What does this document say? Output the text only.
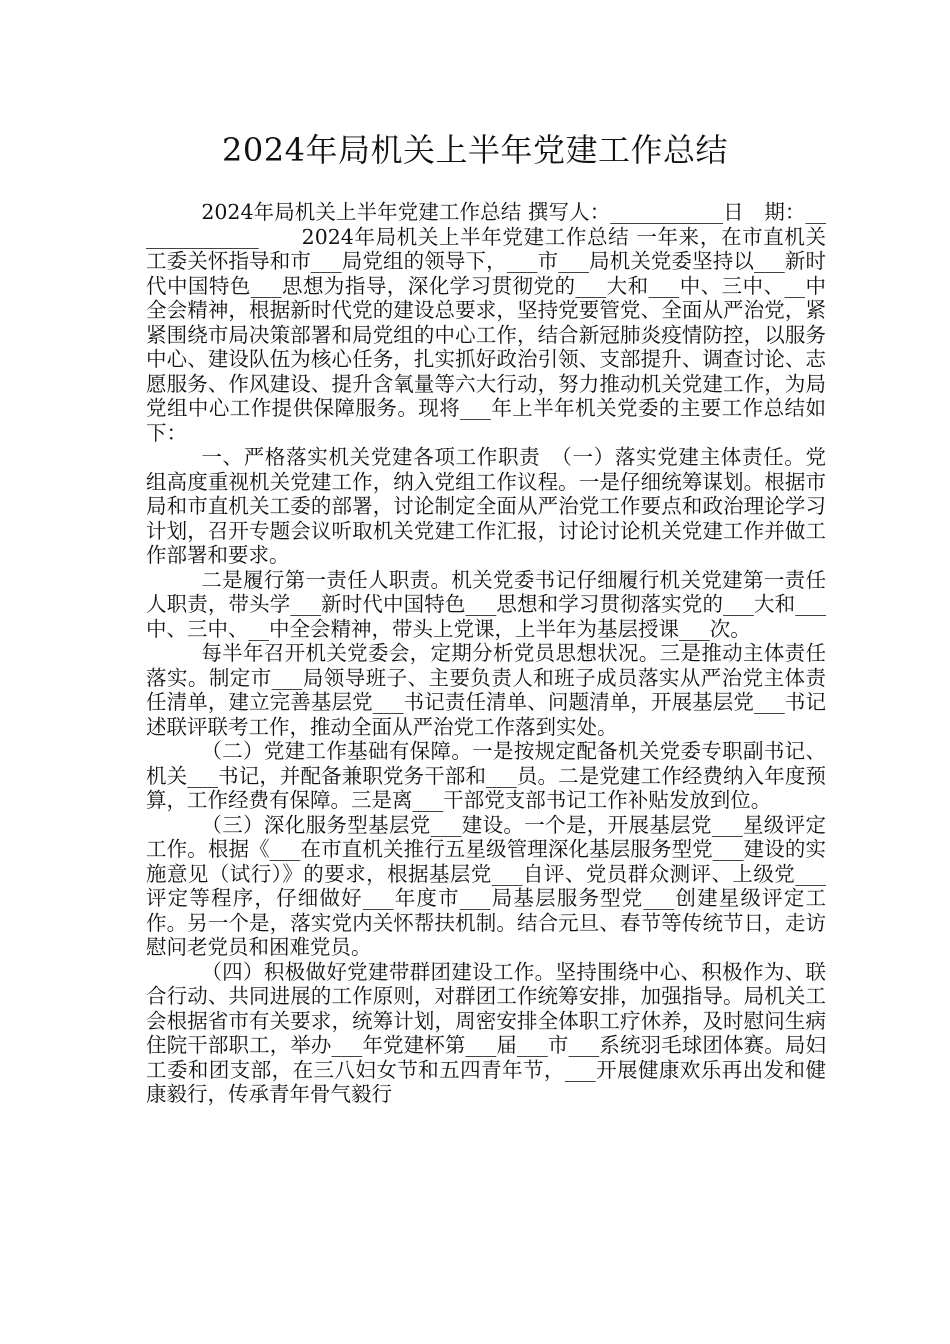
2024年局机关上半年党建工作总结

2024年局机关上半年党建工作总结 撰写人：___________日　期：_____________　　2024年局机关上半年党建工作总结 一年来，在市直机关工委关怀指导和市___局党组的领导下，___市___局机关党委坚持以___新时代中国特色___思想为指导，深化学习贯彻党的___大和___中、三中、__中全会精神，根据新时代党的建设总要求，坚持党要管党、全面从严治党，紧紧围绕市局决策部署和局党组的中心工作，结合新冠肺炎疫情防控，以服务中心、建设队伍为核心任务，扎实抓好政治引领、支部提升、调查讨论、志愿服务、作风建设、提升含氧量等六大行动，努力推动机关党建工作，为局党组中心工作提供保障服务。现将___年上半年机关党委的主要工作总结如下：

一、严格落实机关党建各项工作职责　（一）落实党建主体责任。党组高度重视机关党建工作，纳入党组工作议程。一是仔细统筹谋划。根据市局和市直机关工委的部署，讨论制定全面从严治党工作要点和政治理论学习计划，召开专题会议听取机关党建工作汇报，讨论讨论机关党建工作并做工作部署和要求。

二是履行第一责任人职责。机关党委书记仔细履行机关党建第一责任人职责，带头学___新时代中国特色___思想和学习贯彻落实党的___大和___中、三中、__中全会精神，带头上党课，上半年为基层授课___次。

每半年召开机关党委会，定期分析党员思想状况。三是推动主体责任落实。制定市___局领导班子、主要负责人和班子成员落实从严治党主体责任清单，建立完善基层党___书记责任清单、问题清单，开展基层党___书记述联评联考工作，推动全面从严治党工作落到实处。

（二）党建工作基础有保障。一是按规定配备机关党委专职副书记、机关___书记，并配备兼职党务干部和___员。二是党建工作经费纳入年度预算，工作经费有保障。三是离___干部党支部书记工作补贴发放到位。

（三）深化服务型基层党___建设。一个是，开展基层党___星级评定工作。根据《___在市直机关推行五星级管理深化基层服务型党___建设的实施意见（试行）》的要求，根据基层党___自评、党员群众测评、上级党___评定等程序，仔细做好___年度市___局基层服务型党___创建星级评定工作。另一个是，落实党内关怀帮扶机制。结合元旦、春节等传统节日，走访慰问老党员和困难党员。

（四）积极做好党建带群团建设工作。坚持围绕中心、积极作为、联合行动、共同进展的工作原则，对群团工作统筹安排，加强指导。局机关工会根据省市有关要求，统筹计划，周密安排全体职工疗休养，及时慰问生病住院干部职工，举办___年党建杯第___届___市___系统羽毛球团体赛。局妇工委和团支部，在三八妇女节和五四青年节，___开展健康欢乐再出发和健康毅行，传承青年骨气毅行
